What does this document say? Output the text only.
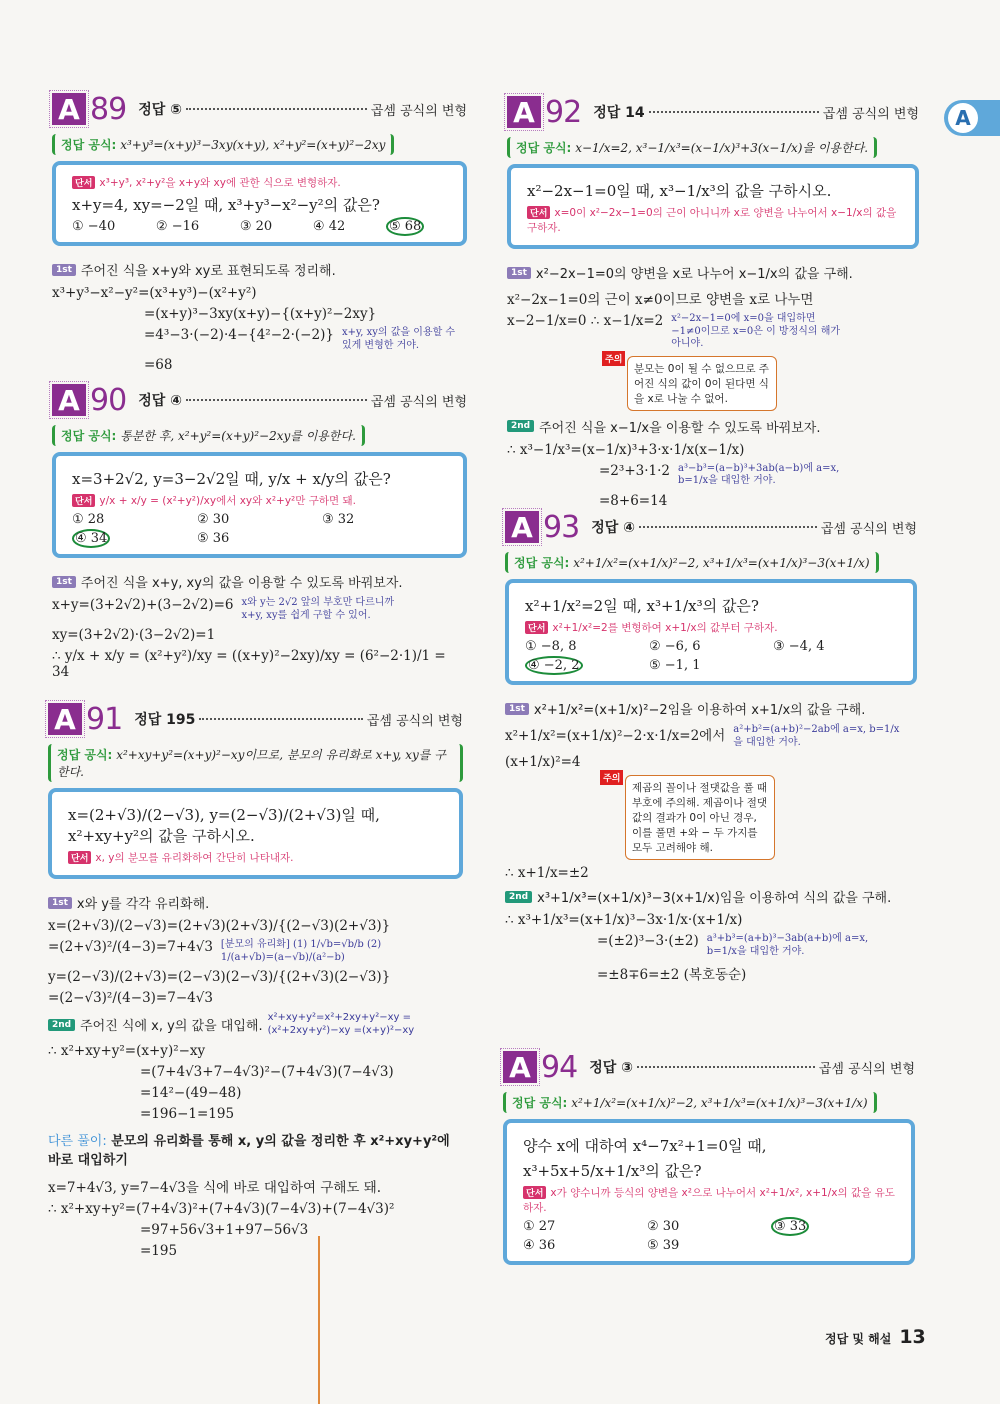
A
A 89 정답 ⑤	곱셈 공식의 변형
정답 공식: x³+y³=(x+y)³−3xy(x+y), x²+y²=(x+y)²−2xy
단서 x³+y³, x²+y²을 x+y와 xy에 관한 식으로 변형하자.
x+y=4, xy=−2일 때, x³+y³−x²−y²의 값은?
① −40	② −16	③ 20	④ 42	⑤ 68
1st 주어진 식을 x+y와 xy로 표현되도록 정리해.
x³+y³−x²−y²=(x³+y³)−(x²+y²)
=(x+y)³−3xy(x+y)−{(x+y)²−2xy}
=4³−3·(−2)·4−{4²−2·(−2)} x+y, xy의 값을 이용할 수 있게 변형한 거야.
=68
A 90 정답 ④	곱셈 공식의 변형
정답 공식: 통분한 후, x²+y²=(x+y)²−2xy를 이용한다.
x=3+2√2, y=3−2√2일 때, y/x + x/y의 값은?
단서 y/x + x/y = (x²+y²)/xy에서 xy와 x²+y²만 구하면 돼.
① 28	② 30	③ 32
④ 34	⑤ 36
1st 주어진 식을 x+y, xy의 값을 이용할 수 있도록 바꿔보자.
x+y=(3+2√2)+(3−2√2)=6 x와 y는 2√2 앞의 부호만 다르니까 x+y, xy를 쉽게 구할 수 있어.
xy=(3+2√2)·(3−2√2)=1
∴ y/x + x/y = (x²+y²)/xy = ((x+y)²−2xy)/xy = (6²−2·1)/1 = 34
A 91 정답 195	곱셈 공식의 변형
정답 공식: x²+xy+y²=(x+y)²−xy이므로, 분모의 유리화로 x+y, xy를 구한다.
x=(2+√3)/(2−√3), y=(2−√3)/(2+√3)일 때, x²+xy+y²의 값을 구하시오.
단서 x, y의 분모를 유리화하여 간단히 나타내자.
1st x와 y를 각각 유리화해.
x=(2+√3)/(2−√3)=(2+√3)(2+√3)/{(2−√3)(2+√3)}
=(2+√3)²/(4−3)=7+4√3 [분모의 유리화] (1) 1/√b=√b/b (2) 1/(a+√b)=(a−√b)/(a²−b)
y=(2−√3)/(2+√3)=(2−√3)(2−√3)/{(2+√3)(2−√3)}
=(2−√3)²/(4−3)=7−4√3
2nd 주어진 식에 x, y의 값을 대입해.
x²+xy+y²=x²+2xy+y²−xy =(x²+2xy+y²)−xy =(x+y)²−xy
∴ x²+xy+y²=(x+y)²−xy
=(7+4√3+7−4√3)²−(7+4√3)(7−4√3)
=14²−(49−48)
=196−1=195
다른 풀이: 분모의 유리화를 통해 x, y의 값을 정리한 후 x²+xy+y²에 바로 대입하기
x=7+4√3, y=7−4√3을 식에 바로 대입하여 구해도 돼.
∴ x²+xy+y²=(7+4√3)²+(7+4√3)(7−4√3)+(7−4√3)²
=97+56√3+1+97−56√3
=195
A 92 정답 14	곱셈 공식의 변형
정답 공식: x−1/x=2, x³−1/x³=(x−1/x)³+3(x−1/x)을 이용한다.
x²−2x−1=0일 때, x³−1/x³의 값을 구하시오.
단서 x=0이 x²−2x−1=0의 근이 아니니까 x로 양변을 나누어서 x−1/x의 값을 구하자.
1st x²−2x−1=0의 양변을 x로 나누어 x−1/x의 값을 구해.
x²−2x−1=0의 근이 x≠0이므로 양변을 x로 나누면
x−2−1/x=0 ∴ x−1/x=2 x²−2x−1=0에 x=0을 대입하면 −1≠0이므로 x=0은 이 방정식의 해가 아니야.
주의
분모는 0이 될 수 없으므로 주어진 식의 값이 0이 된다면 식을 x로 나눌 수 없어.
2nd 주어진 식을 x−1/x을 이용할 수 있도록 바꿔보자.
∴ x³−1/x³=(x−1/x)³+3·x·1/x(x−1/x)
=2³+3·1·2 a³−b³=(a−b)³+3ab(a−b)에 a=x, b=1/x을 대입한 거야.
=8+6=14
A 93 정답 ④	곱셈 공식의 변형
정답 공식: x²+1/x²=(x+1/x)²−2, x³+1/x³=(x+1/x)³−3(x+1/x)
x²+1/x²=2일 때, x³+1/x³의 값은?
단서 x²+1/x²=2를 변형하여 x+1/x의 값부터 구하자.
① −8, 8	② −6, 6	③ −4, 4
④ −2, 2	⑤ −1, 1
1st x²+1/x²=(x+1/x)²−2임을 이용하여 x+1/x의 값을 구해.
x²+1/x²=(x+1/x)²−2·x·1/x=2에서 a²+b²=(a+b)²−2ab에 a=x, b=1/x을 대입한 거야.
(x+1/x)²=4
주의
제곱의 꼴이나 절댓값을 풀 때 부호에 주의해. 제곱이나 절댓값의 결과가 0이 아닌 경우, 이를 풀면 +와 − 두 가지를 모두 고려해야 해.
∴ x+1/x=±2
2nd x³+1/x³=(x+1/x)³−3(x+1/x)임을 이용하여 식의 값을 구해.
∴ x³+1/x³=(x+1/x)³−3x·1/x·(x+1/x)
=(±2)³−3·(±2) a³+b³=(a+b)³−3ab(a+b)에 a=x, b=1/x을 대입한 거야.
=±8∓6=±2 (복호동순)
A 94 정답 ③	곱셈 공식의 변형
정답 공식: x²+1/x²=(x+1/x)²−2, x³+1/x³=(x+1/x)³−3(x+1/x)
양수 x에 대하여 x⁴−7x²+1=0일 때,
x³+5x+5/x+1/x³의 값은?
단서 x가 양수니까 등식의 양변을 x²으로 나누어서 x²+1/x², x+1/x의 값을 유도하자.
① 27	② 30	③ 33
④ 36	⑤ 39
정답 및 해설 13
